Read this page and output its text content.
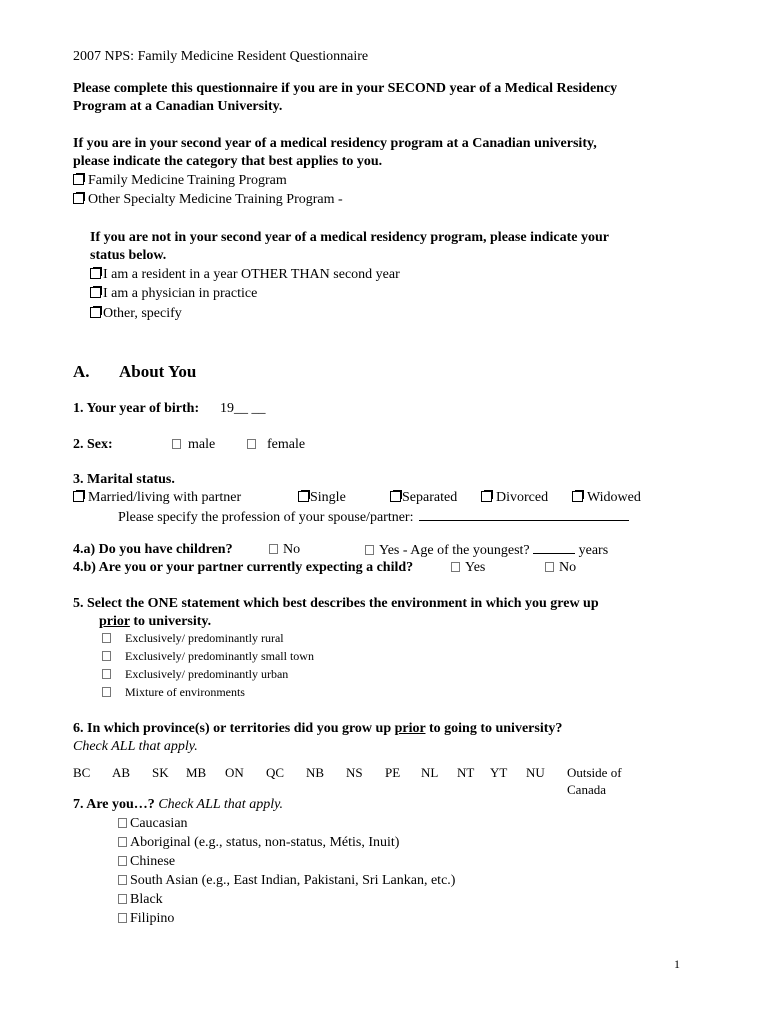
2007 NPS: Family Medicine Resident Questionnaire
Please complete this questionnaire if you are in your SECOND year of a Medical Residency
Program at a Canadian University.
If you are in your second year of a medical residency program at a Canadian university,
please indicate the category that best applies to you.
Family Medicine Training Program
Other Specialty Medicine Training Program -
If you are not in your second year of a medical residency program, please indicate your
status below.
I am a resident in a year OTHER THAN second year
I am a physician in practice
Other, specify
A. About You
1. Your year of birth: 19__ __
2. Sex:	male	female
3. Marital status.
Married/living with partner	Single	Separated	Divorced	Widowed
Please specify the profession of your spouse/partner:
4.a) Do you have children?	No	Yes - Age of the youngest?	years
4.b) Are you or your partner currently expecting a child?	Yes	No
5. Select the ONE statement which best describes the environment in which you grew up
prior to university.
Exclusively/ predominantly rural
Exclusively/ predominantly small town
Exclusively/ predominantly urban
Mixture of environments
6. In which province(s) or territories did you grow up prior to going to university?
Check ALL that apply.
BC AB SK MB ON QC NB NS PE NL NT YT NU Outside of
Canada
7. Are you…? Check ALL that apply.
Caucasian
Aboriginal (e.g., status, non-status, Métis, Inuit)
Chinese
South Asian (e.g., East Indian, Pakistani, Sri Lankan, etc.)
Black
Filipino
1
